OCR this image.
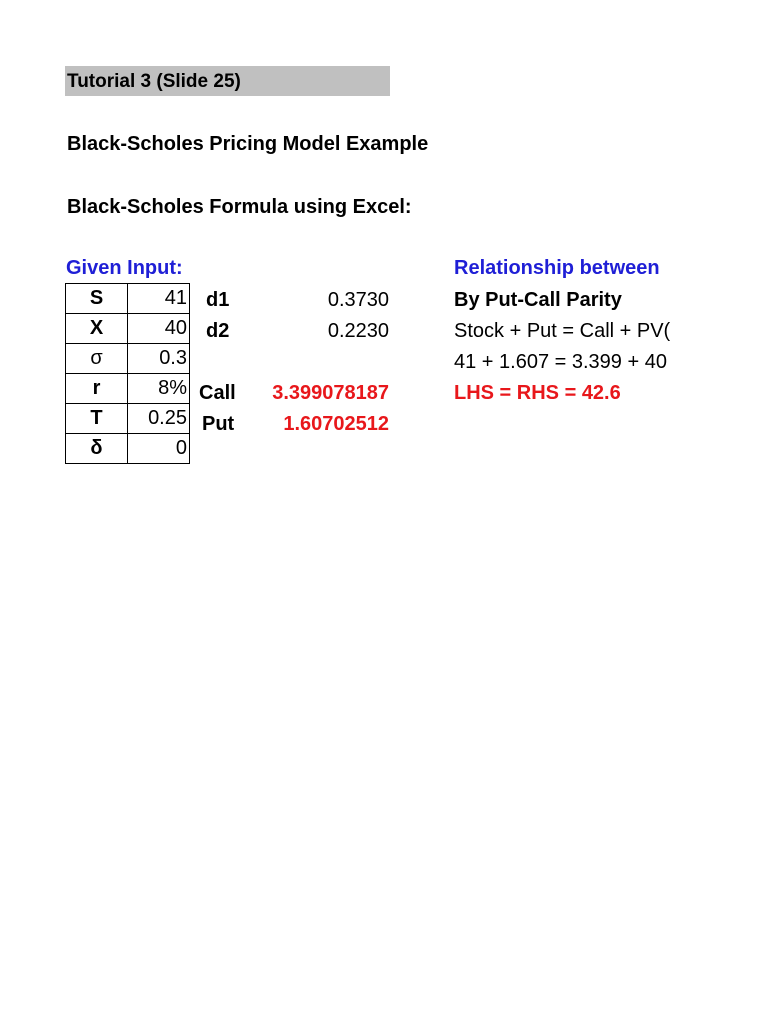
Tutorial 3 (Slide 25)
Black-Scholes Pricing Model Example
Black-Scholes Formula using Excel:
Given Input:
S	41
X	40
σ	0.3
r	8%
T	0.25
δ	0
d1	0.3730
d2	0.2230
Call	3.399078187
Put	1.60702512
Relationship between
By Put-Call Parity
Stock + Put = Call + PV(
41 + 1.607 = 3.399 + 40
LHS = RHS = 42.6
